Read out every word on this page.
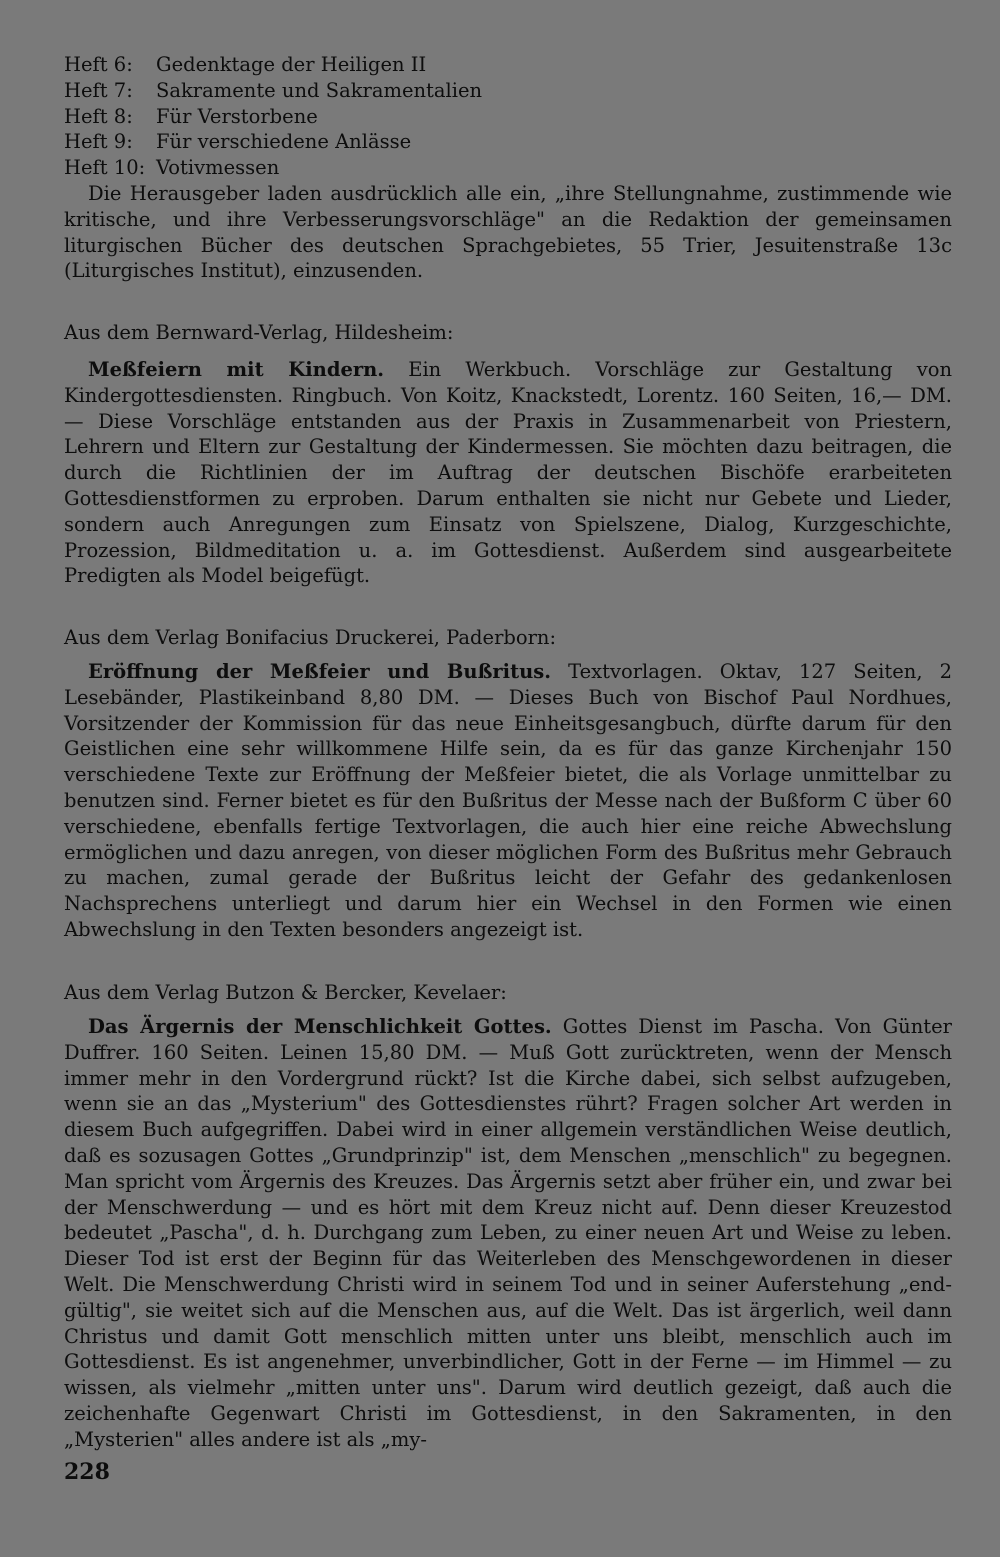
Heft 6:	Gedenktage der Heiligen II
Heft 7:	Sakramente und Sakramentalien
Heft 8:	Für Verstorbene
Heft 9:	Für verschiedene Anlässe
Heft 10: Votivmessen

Die Herausgeber laden ausdrücklich alle ein, „ihre Stellungnahme, zustimmende wie kritische, und ihre Verbesserungsvorschläge" an die Redaktion der gemeinsamen liturgischen Bücher des deutschen Sprachgebietes, 55 Trier, Jesuitenstraße 13c (Liturgisches Institut), einzusenden.

Aus dem Bernward-Verlag, Hildesheim:

Meßfeiern mit Kindern. Ein Werkbuch. Vorschläge zur Gestaltung von Kindergottesdiensten. Ringbuch. Von Koitz, Knackstedt, Lorentz. 160 Seiten, 16,— DM. — Diese Vorschläge entstanden aus der Praxis in Zusammenarbeit von Priestern, Lehrern und Eltern zur Gestaltung der Kindermessen. Sie möchten dazu beitragen, die durch die Richtlinien der im Auftrag der deutschen Bischöfe erarbeiteten Gottesdienstformen zu erproben. Darum enthalten sie nicht nur Gebete und Lieder, sondern auch Anregungen zum Einsatz von Spielszene, Dialog, Kurzgeschichte, Prozession, Bildmeditation u. a. im Gottesdienst. Außerdem sind ausgearbeitete Predigten als Model beigefügt.

Aus dem Verlag Bonifacius Druckerei, Paderborn:

Eröffnung der Meßfeier und Bußritus. Textvorlagen. Oktav, 127 Seiten, 2 Lesebänder, Plastikeinband 8,80 DM. — Dieses Buch von Bischof Paul Nordhues, Vorsitzender der Kommission für das neue Einheitsgesangbuch, dürfte darum für den Geistlichen eine sehr willkommene Hilfe sein, da es für das ganze Kirchenjahr 150 verschiedene Texte zur Eröffnung der Meßfeier bietet, die als Vorlage unmittelbar zu benutzen sind. Ferner bietet es für den Bußritus der Messe nach der Bußform C über 60 verschiedene, ebenfalls fertige Textvorlagen, die auch hier eine reiche Abwechslung ermöglichen und dazu anregen, von dieser möglichen Form des Bußritus mehr Gebrauch zu machen, zumal gerade der Bußritus leicht der Gefahr des gedankenlosen Nachsprechens unterliegt und darum hier ein Wechsel in den Formen wie einen Abwechslung in den Texten besonders angezeigt ist.

Aus dem Verlag Butzon & Bercker, Kevelaer:

Das Ärgernis der Menschlichkeit Gottes. Gottes Dienst im Pascha. Von Günter Duffrer. 160 Seiten. Leinen 15,80 DM. — Muß Gott zurücktreten, wenn der Mensch immer mehr in den Vordergrund rückt? Ist die Kirche dabei, sich selbst aufzugeben, wenn sie an das „Mysterium" des Gottesdienstes rührt? Fragen solcher Art werden in diesem Buch aufgegriffen. Dabei wird in einer allgemein verständlichen Weise deutlich, daß es sozusagen Gottes „Grundprinzip" ist, dem Menschen „menschlich" zu begegnen. Man spricht vom Ärgernis des Kreuzes. Das Ärgernis setzt aber früher ein, und zwar bei der Menschwerdung — und es hört mit dem Kreuz nicht auf. Denn dieser Kreuzestod bedeutet „Pascha", d. h. Durchgang zum Leben, zu einer neuen Art und Weise zu leben. Dieser Tod ist erst der Beginn für das Weiterleben des Menschgewordenen in dieser Welt. Die Menschwerdung Christi wird in seinem Tod und in seiner Auferstehung „end-gültig", sie weitet sich auf die Menschen aus, auf die Welt. Das ist ärgerlich, weil dann Christus und damit Gott menschlich mitten unter uns bleibt, menschlich auch im Gottesdienst. Es ist angenehmer, unverbindlicher, Gott in der Ferne — im Himmel — zu wissen, als vielmehr „mitten unter uns". Darum wird deutlich gezeigt, daß auch die zeichenhafte Gegenwart Christi im Gottesdienst, in den Sakramenten, in den „Mysterien" alles andere ist als „my-

228
